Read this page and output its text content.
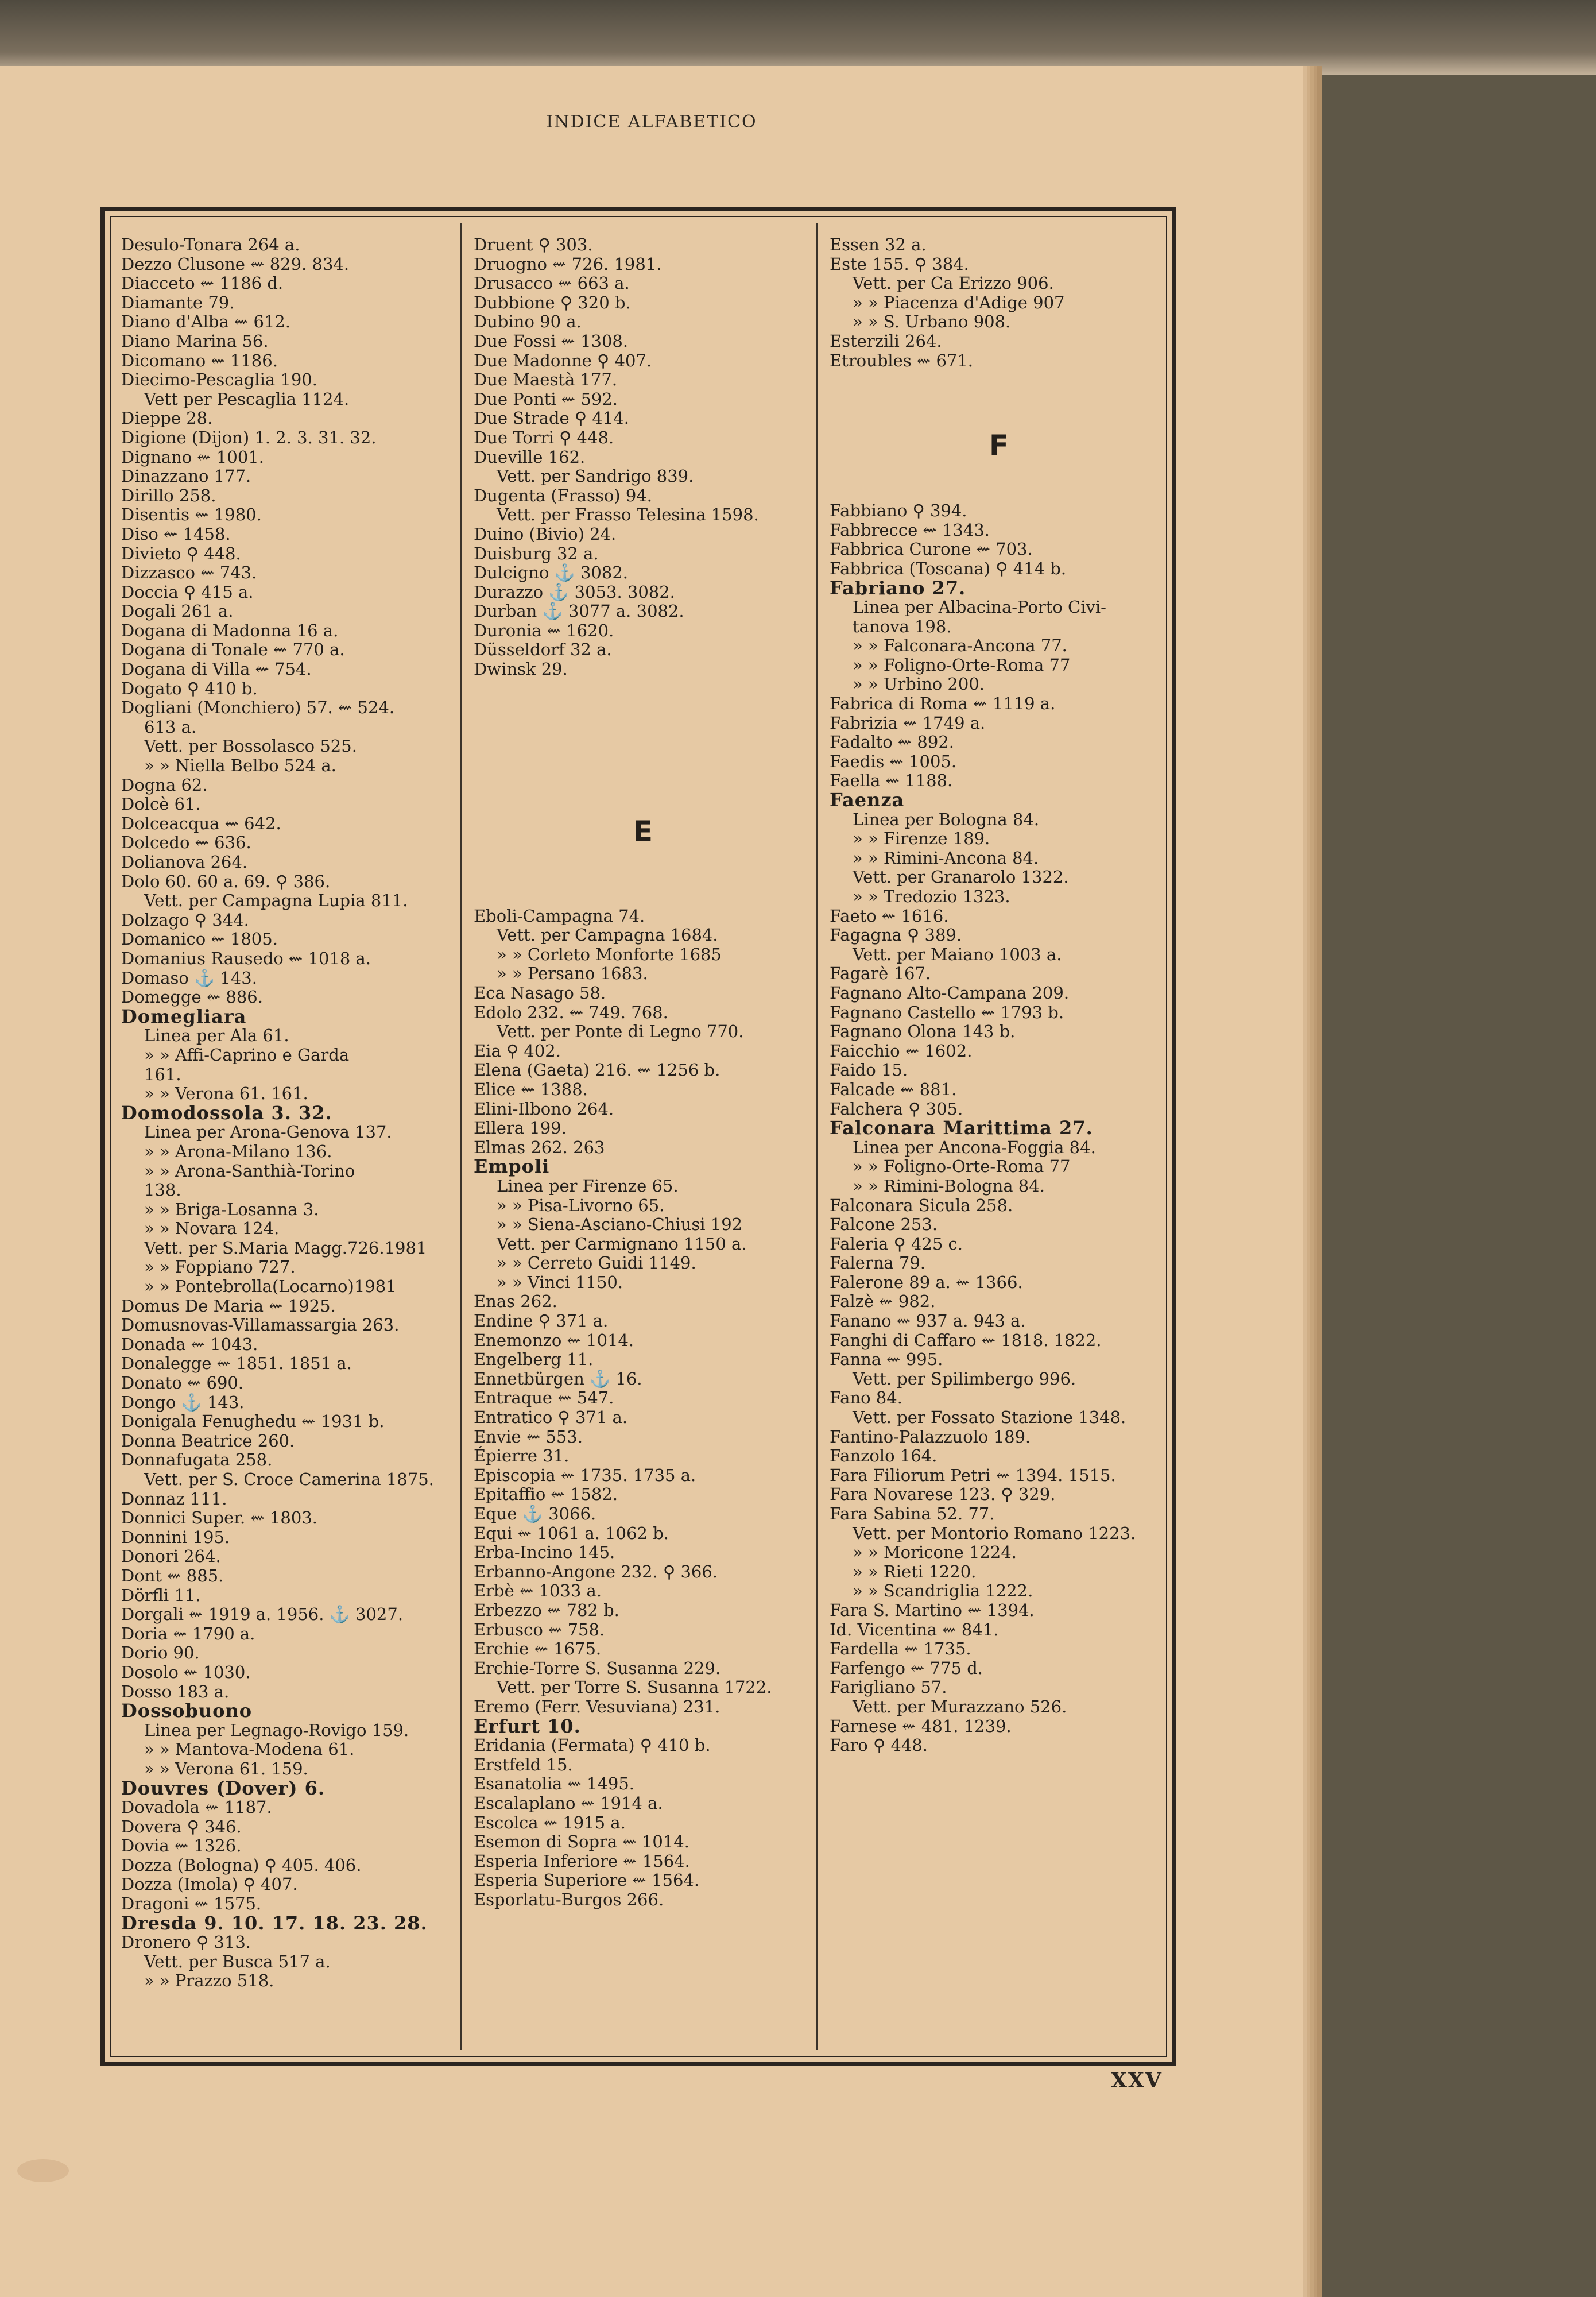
INDICE ALFABETICO
Desulo-Tonara 264 a.
Dezzo Clusone ⇜ 829. 834.
Diacceto ⇜ 1186 d.
Diamante 79.
Diano d'Alba ⇜ 612.
Diano Marina 56.
Dicomano ⇜ 1186.
Diecimo-Pescaglia 190.
Vett per Pescaglia 1124.
Dieppe 28.
Digione (Dijon) 1. 2. 3. 31. 32.
Dignano ⇜ 1001.
Dinazzano 177.
Dirillo 258.
Disentis ⇜ 1980.
Diso ⇜ 1458.
Divieto ⚲ 448.
Dizzasco ⇜ 743.
Doccia ⚲ 415 a.
Dogali 261 a.
Dogana di Madonna 16 a.
Dogana di Tonale ⇜ 770 a.
Dogana di Villa ⇜ 754.
Dogato ⚲ 410 b.
Dogliani (Monchiero) 57. ⇜ 524.
613 a.
Vett. per Bossolasco 525.
» » Niella Belbo 524 a.
Dogna 62.
Dolcè 61.
Dolceacqua ⇜ 642.
Dolcedo ⇜ 636.
Dolianova 264.
Dolo 60. 60 a. 69. ⚲ 386.
Vett. per Campagna Lupia 811.
Dolzago ⚲ 344.
Domanico ⇜ 1805.
Domanius Rausedo ⇜ 1018 a.
Domaso ⚓ 143.
Domegge ⇜ 886.
Domegliara
Linea per Ala 61.
» » Affi-Caprino e Garda
161.
» » Verona 61. 161.
Domodossola 3. 32.
Linea per Arona-Genova 137.
» » Arona-Milano 136.
» » Arona-Santhià-Torino
138.
» » Briga-Losanna 3.
» » Novara 124.
Vett. per S.Maria Magg.726.1981
» » Foppiano 727.
» » Pontebrolla(Locarno)1981
Domus De Maria ⇜ 1925.
Domusnovas-Villamassargia 263.
Donada ⇜ 1043.
Donalegge ⇜ 1851. 1851 a.
Donato ⇜ 690.
Dongo ⚓ 143.
Donigala Fenughedu ⇜ 1931 b.
Donna Beatrice 260.
Donnafugata 258.
Vett. per S. Croce Camerina 1875.
Donnaz 111.
Donnici Super. ⇜ 1803.
Donnini 195.
Donori 264.
Dont ⇜ 885.
Dörfli 11.
Dorgali ⇜ 1919 a. 1956. ⚓ 3027.
Doria ⇜ 1790 a.
Dorio 90.
Dosolo ⇜ 1030.
Dosso 183 a.
Dossobuono
Linea per Legnago-Rovigo 159.
» » Mantova-Modena 61.
» » Verona 61. 159.
Douvres (Dover) 6.
Dovadola ⇜ 1187.
Dovera ⚲ 346.
Dovia ⇜ 1326.
Dozza (Bologna) ⚲ 405. 406.
Dozza (Imola) ⚲ 407.
Dragoni ⇜ 1575.
Dresda 9. 10. 17. 18. 23. 28.
Dronero ⚲ 313.
Vett. per Busca 517 a.
» » Prazzo 518.
Druent ⚲ 303.
Druogno ⇜ 726. 1981.
Drusacco ⇜ 663 a.
Dubbione ⚲ 320 b.
Dubino 90 a.
Due Fossi ⇜ 1308.
Due Madonne ⚲ 407.
Due Maestà 177.
Due Ponti ⇜ 592.
Due Strade ⚲ 414.
Due Torri ⚲ 448.
Dueville 162.
Vett. per Sandrigo 839.
Dugenta (Frasso) 94.
Vett. per Frasso Telesina 1598.
Duino (Bivio) 24.
Duisburg 32 a.
Dulcigno ⚓ 3082.
Durazzo ⚓ 3053. 3082.
Durban ⚓ 3077 a. 3082.
Duronia ⇜ 1620.
Düsseldorf 32 a.
Dwinsk 29.
E
Eboli-Campagna 74.
Vett. per Campagna 1684.
» » Corleto Monforte 1685
» » Persano 1683.
Eca Nasago 58.
Edolo 232. ⇜ 749. 768.
Vett. per Ponte di Legno 770.
Eia ⚲ 402.
Elena (Gaeta) 216. ⇜ 1256 b.
Elice ⇜ 1388.
Elini-Ilbono 264.
Ellera 199.
Elmas 262. 263
Empoli
Linea per Firenze 65.
» » Pisa-Livorno 65.
» » Siena-Asciano-Chiusi 192
Vett. per Carmignano 1150 a.
» » Cerreto Guidi 1149.
» » Vinci 1150.
Enas 262.
Endine ⚲ 371 a.
Enemonzo ⇜ 1014.
Engelberg 11.
Ennetbürgen ⚓ 16.
Entraque ⇜ 547.
Entratico ⚲ 371 a.
Envie ⇜ 553.
Épierre 31.
Episcopia ⇜ 1735. 1735 a.
Epitaffio ⇜ 1582.
Eque ⚓ 3066.
Equi ⇜ 1061 a. 1062 b.
Erba-Incino 145.
Erbanno-Angone 232. ⚲ 366.
Erbè ⇜ 1033 a.
Erbezzo ⇜ 782 b.
Erbusco ⇜ 758.
Erchie ⇜ 1675.
Erchie-Torre S. Susanna 229.
Vett. per Torre S. Susanna 1722.
Eremo (Ferr. Vesuviana) 231.
Erfurt 10.
Eridania (Fermata) ⚲ 410 b.
Erstfeld 15.
Esanatolia ⇜ 1495.
Escalaplano ⇜ 1914 a.
Escolca ⇜ 1915 a.
Esemon di Sopra ⇜ 1014.
Esperia Inferiore ⇜ 1564.
Esperia Superiore ⇜ 1564.
Esporlatu-Burgos 266.
Essen 32 a.
Este 155. ⚲ 384.
Vett. per Ca Erizzo 906.
» » Piacenza d'Adige 907
» » S. Urbano 908.
Esterzili 264.
Etroubles ⇜ 671.
F
Fabbiano ⚲ 394.
Fabbrecce ⇜ 1343.
Fabbrica Curone ⇜ 703.
Fabbrica (Toscana) ⚲ 414 b.
Fabriano 27.
Linea per Albacina-Porto Civi-
tanova 198.
» » Falconara-Ancona 77.
» » Foligno-Orte-Roma 77
» » Urbino 200.
Fabrica di Roma ⇜ 1119 a.
Fabrizia ⇜ 1749 a.
Fadalto ⇜ 892.
Faedis ⇜ 1005.
Faella ⇜ 1188.
Faenza
Linea per Bologna 84.
» » Firenze 189.
» » Rimini-Ancona 84.
Vett. per Granarolo 1322.
» » Tredozio 1323.
Faeto ⇜ 1616.
Fagagna ⚲ 389.
Vett. per Maiano 1003 a.
Fagarè 167.
Fagnano Alto-Campana 209.
Fagnano Castello ⇜ 1793 b.
Fagnano Olona 143 b.
Faicchio ⇜ 1602.
Faido 15.
Falcade ⇜ 881.
Falchera ⚲ 305.
Falconara Marittima 27.
Linea per Ancona-Foggia 84.
» » Foligno-Orte-Roma 77
» » Rimini-Bologna 84.
Falconara Sicula 258.
Falcone 253.
Faleria ⚲ 425 c.
Falerna 79.
Falerone 89 a. ⇜ 1366.
Falzè ⇜ 982.
Fanano ⇜ 937 a. 943 a.
Fanghi di Caffaro ⇜ 1818. 1822.
Fanna ⇜ 995.
Vett. per Spilimbergo 996.
Fano 84.
Vett. per Fossato Stazione 1348.
Fantino-Palazzuolo 189.
Fanzolo 164.
Fara Filiorum Petri ⇜ 1394. 1515.
Fara Novarese 123. ⚲ 329.
Fara Sabina 52. 77.
Vett. per Montorio Romano 1223.
» » Moricone 1224.
» » Rieti 1220.
» » Scandriglia 1222.
Fara S. Martino ⇜ 1394.
Id. Vicentina ⇜ 841.
Fardella ⇜ 1735.
Farfengo ⇜ 775 d.
Farigliano 57.
Vett. per Murazzano 526.
Farnese ⇜ 481. 1239.
Faro ⚲ 448.
XXV
